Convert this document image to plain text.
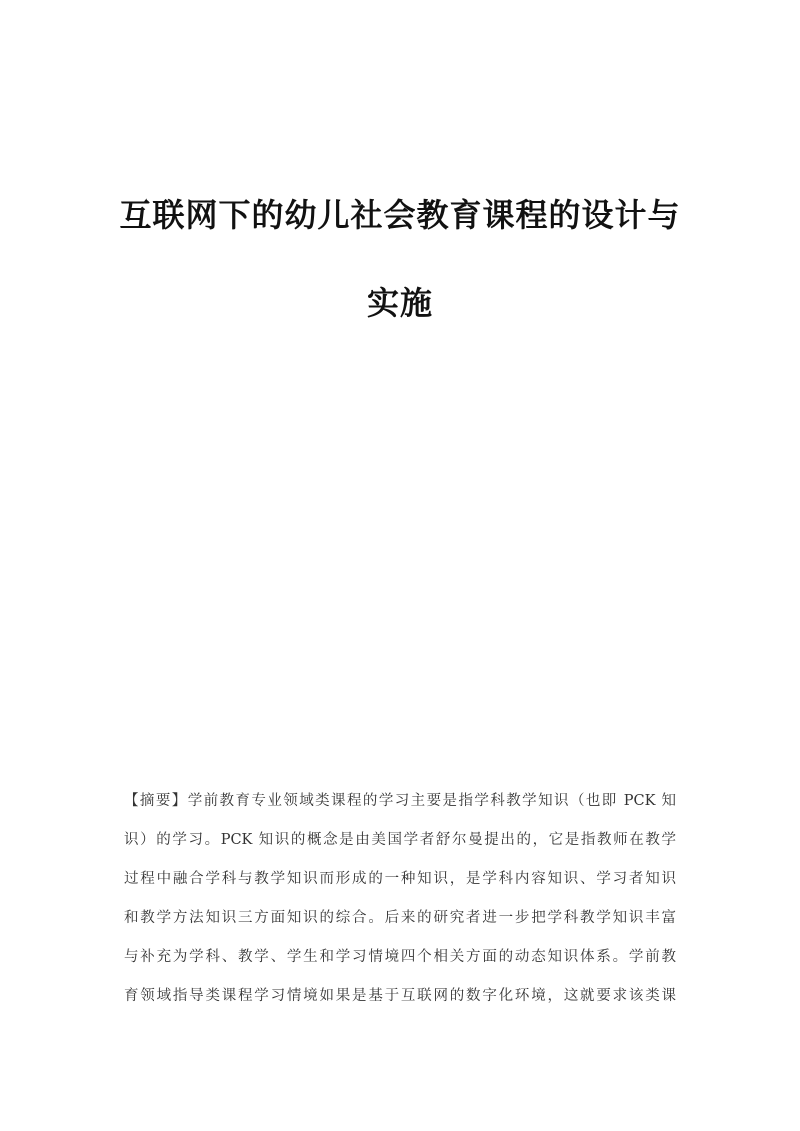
互联网下的幼儿社会教育课程的设计与
实施

【摘要】学前教育专业领域类课程的学习主要是指学科教学知识（也即 PCK 知
识）的学习。PCK 知识的概念是由美国学者舒尔曼提出的，它是指教师在教学
过程中融合学科与教学知识而形成的一种知识，是学科内容知识、学习者知识
和教学方法知识三方面知识的综合。后来的研究者进一步把学科教学知识丰富
与补充为学科、教学、学生和学习情境四个相关方面的动态知识体系。学前教
育领域指导类课程学习情境如果是基于互联网的数字化环境，这就要求该类课
